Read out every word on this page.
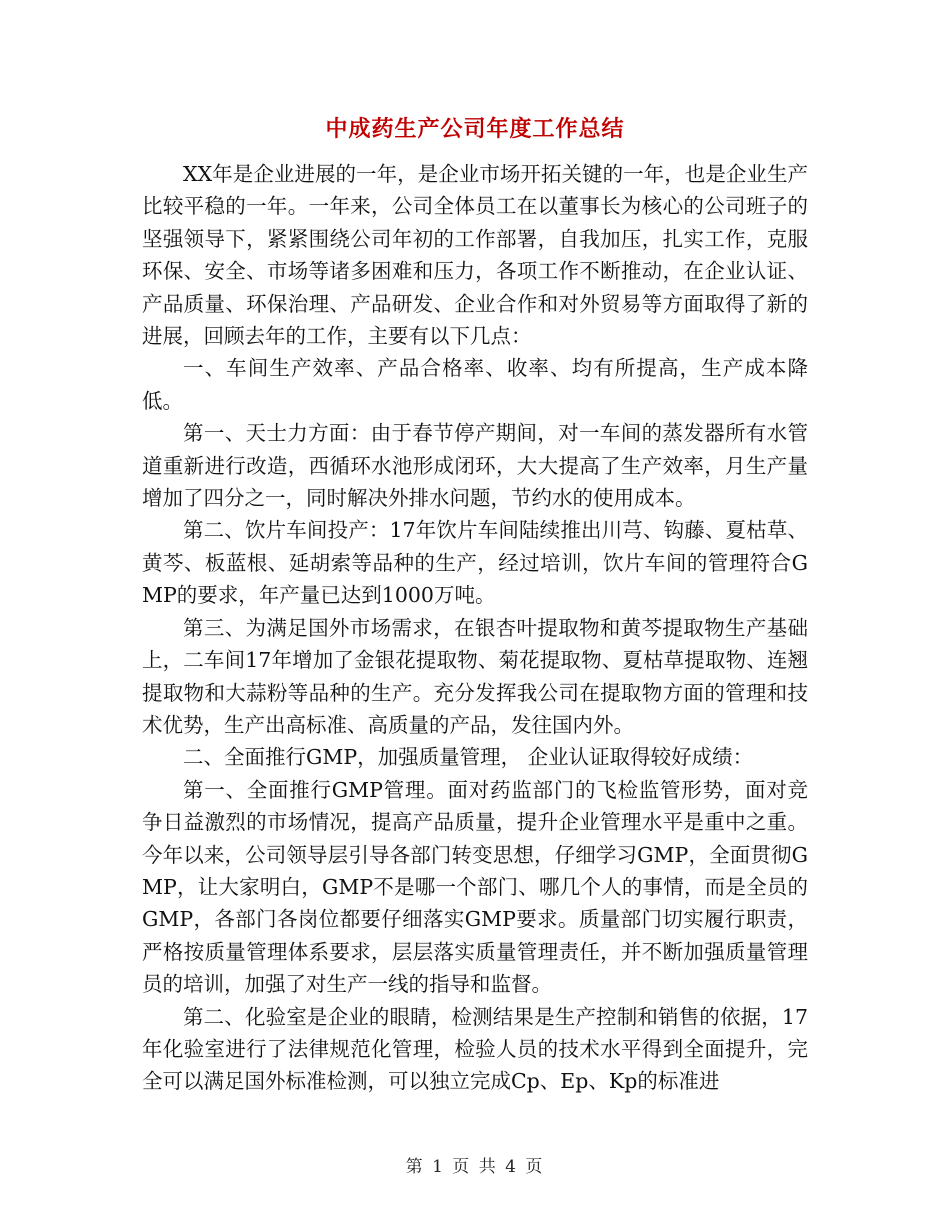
中成药生产公司年度工作总结

XX年是企业进展的一年，是企业市场开拓关键的一年，也是企业生产比较平稳的一年。一年来，公司全体员工在以董事长为核心的公司班子的坚强领导下，紧紧围绕公司年初的工作部署，自我加压，扎实工作，克服环保、安全、市场等诸多困难和压力，各项工作不断推动，在企业认证、产品质量、环保治理、产品研发、企业合作和对外贸易等方面取得了新的进展，回顾去年的工作，主要有以下几点：

一、车间生产效率、产品合格率、收率、均有所提高，生产成本降低。

第一、天士力方面：由于春节停产期间，对一车间的蒸发器所有水管道重新进行改造，西循环水池形成闭环，大大提高了生产效率，月生产量增加了四分之一，同时解决外排水问题，节约水的使用成本。

第二、饮片车间投产：17年饮片车间陆续推出川芎、钩藤、夏枯草、黄芩、板蓝根、延胡索等品种的生产，经过培训，饮片车间的管理符合GMP的要求，年产量已达到1000万吨。

第三、为满足国外市场需求，在银杏叶提取物和黄芩提取物生产基础上，二车间17年增加了金银花提取物、菊花提取物、夏枯草提取物、连翘提取物和大蒜粉等品种的生产。充分发挥我公司在提取物方面的管理和技术优势，生产出高标准、高质量的产品，发往国内外。

二、全面推行GMP，加强质量管理， 企业认证取得较好成绩：

第一、全面推行GMP管理。面对药监部门的飞检监管形势，面对竞争日益激烈的市场情况，提高产品质量，提升企业管理水平是重中之重。今年以来，公司领导层引导各部门转变思想，仔细学习GMP，全面贯彻GMP，让大家明白，GMP不是哪一个部门、哪几个人的事情，而是全员的GMP，各部门各岗位都要仔细落实GMP要求。质量部门切实履行职责，严格按质量管理体系要求，层层落实质量管理责任，并不断加强质量管理员的培训，加强了对生产一线的指导和监督。

第二、化验室是企业的眼睛，检测结果是生产控制和销售的依据，17年化验室进行了法律规范化管理，检验人员的技术水平得到全面提升，完全可以满足国外标准检测，可以独立完成Cp、Ep、Kp的标准进

第 1 页 共 4 页
